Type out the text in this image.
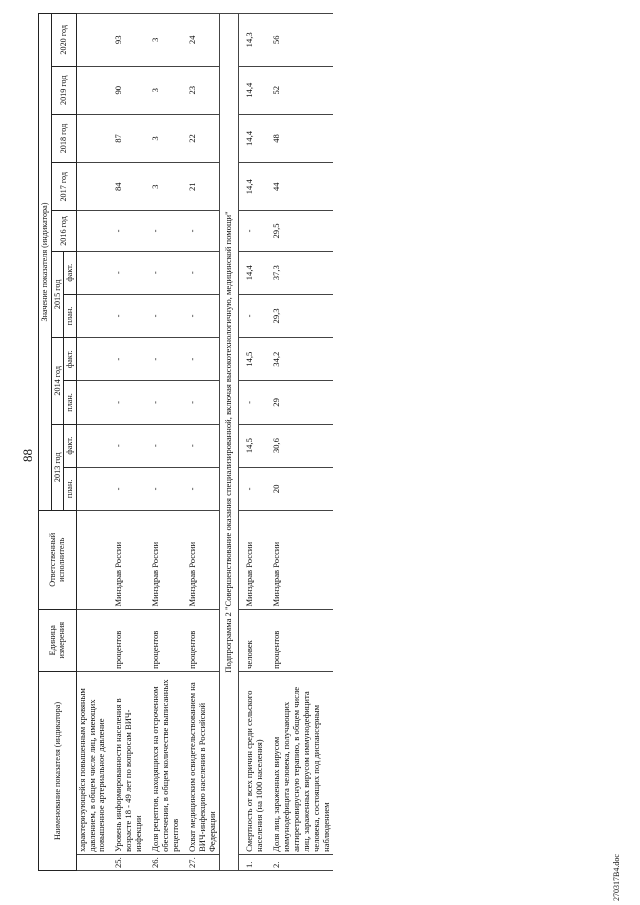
88
Наименование показателя (индикатора)		Единица измерения	Ответственный исполнитель	Значение показателя (индикатора)										
				2013 год		2014 год		2015 год		2016 год	2017 год	2018 год	2019 год	2020 год
				план.	факт.	план.	факт.	план.	факт.					
	характеризующейся повышенным кровяным давлением, в общем числе лиц, имеющих повышенное артериальное давление													
25.	Уровень информированности населения в возрасте 18 - 49 лет по вопросам ВИЧ-инфекции	процентов	Минздрав России	-	-	-	-	-	-	-	84	87	90	93
26.	Доля рецептов, находящихся на отсроченном обеспечении, в общем количестве выписанных рецептов	процентов	Минздрав России	-	-	-	-	-	-	-	3	3	3	3
27.	Охват медицинским освидетельствованием на ВИЧ-инфекцию населения в Российской Федерации	процентов	Минздрав России	-	-	-	-	-	-	-	21	22	23	24
Подпрограмма 2 "Совершенствование оказания специализированной, включая высокотехнологичную, медицинской помощи"														
1.	Смертность от всех причин среди сельского населения (на 1000 населения)	человек	Минздрав России	-	14,5	-	14,5	-	14,4	-	14,4	14,4	14,4	14,3
2.	Доля лиц, зараженных вирусом иммунодефицита человека, получающих антиретровирусную терапию, в общем числе лиц, зараженных вирусом иммунодефицита человека, состоящих под диспансерным наблюдением	процентов	Минздрав России	20	30,6	29	34,2	29,3	37,3	29,5	44	48	52	56
270317В4.doc
